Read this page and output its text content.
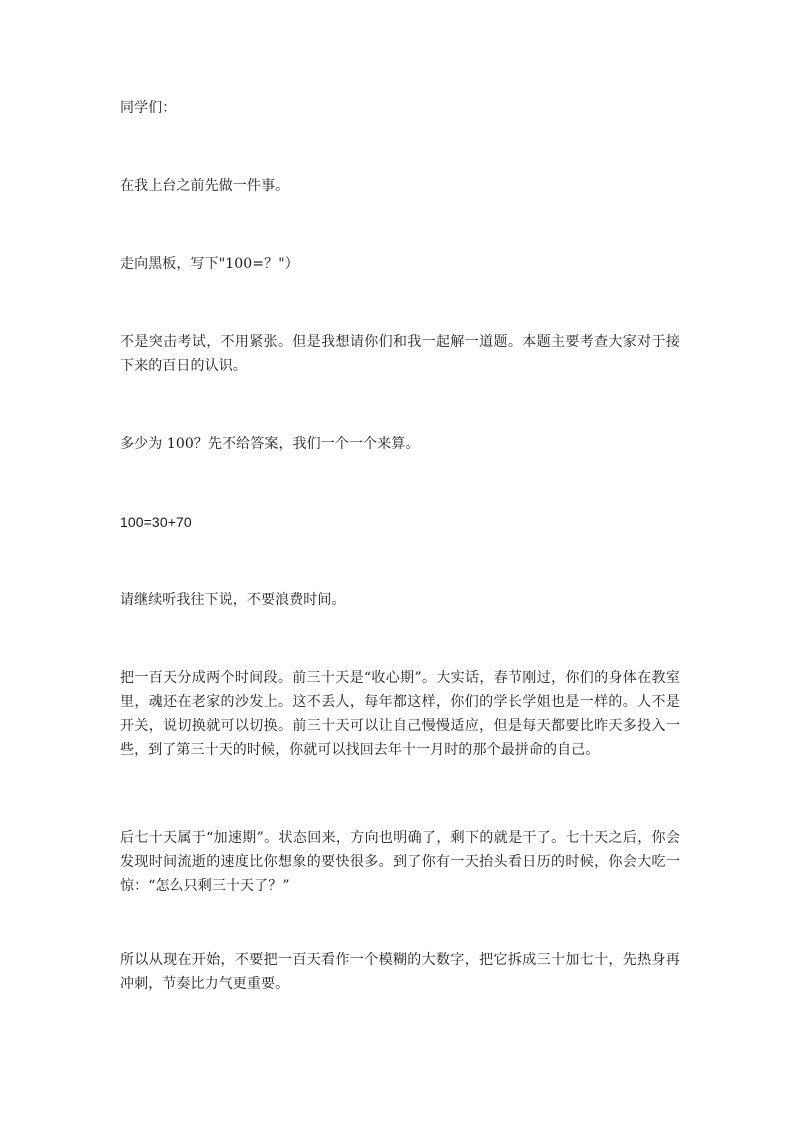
同学们：

在我上台之前先做一件事。

走向黑板，写下"100=？"）

不是突击考试，不用紧张。但是我想请你们和我一起解一道题。本题主要考查大家对于接下来的百日的认识。

多少为 100？先不给答案，我们一个一个来算。

100=30+70

请继续听我往下说，不要浪费时间。

把一百天分成两个时间段。前三十天是“收心期”。大实话，春节刚过，你们的身体在教室里，魂还在老家的沙发上。这不丢人，每年都这样，你们的学长学姐也是一样的。人不是开关，说切换就可以切换。前三十天可以让自己慢慢适应，但是每天都要比昨天多投入一些，到了第三十天的时候，你就可以找回去年十一月时的那个最拼命的自己。

后七十天属于“加速期”。状态回来，方向也明确了，剩下的就是干了。七十天之后，你会发现时间流逝的速度比你想象的要快很多。到了你有一天抬头看日历的时候，你会大吃一惊：“怎么只剩三十天了？”

所以从现在开始，不要把一百天看作一个模糊的大数字，把它拆成三十加七十，先热身再冲刺，节奏比力气更重要。
